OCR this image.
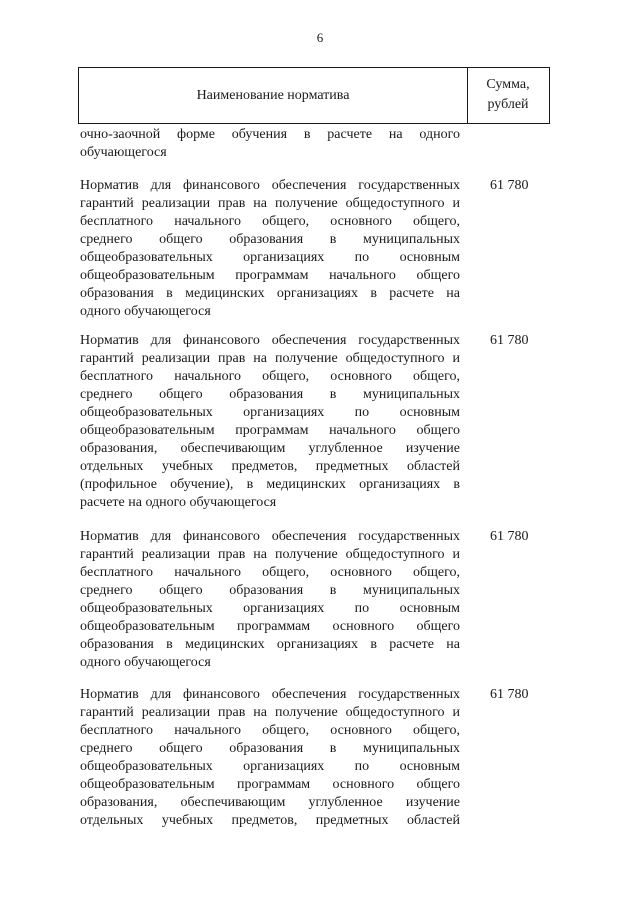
6
Наименование норматива
Сумма,
рублей
очно-заочной форме обучения в расчете на одного
обучающегося
Норматив для финансового обеспечения государственных
гарантий реализации прав на получение общедоступного и
бесплатного начального общего, основного общего,
среднего общего образования в муниципальных
общеобразовательных организациях по основным
общеобразовательным программам начального общего
образования в медицинских организациях в расчете на
одного обучающегося
61 780
Норматив для финансового обеспечения государственных
гарантий реализации прав на получение общедоступного и
бесплатного начального общего, основного общего,
среднего общего образования в муниципальных
общеобразовательных организациях по основным
общеобразовательным программам начального общего
образования, обеспечивающим углубленное изучение
отдельных учебных предметов, предметных областей
(профильное обучение), в медицинских организациях в
расчете на одного обучающегося
61 780
Норматив для финансового обеспечения государственных
гарантий реализации прав на получение общедоступного и
бесплатного начального общего, основного общего,
среднего общего образования в муниципальных
общеобразовательных организациях по основным
общеобразовательным программам основного общего
образования в медицинских организациях в расчете на
одного обучающегося
61 780
Норматив для финансового обеспечения государственных
гарантий реализации прав на получение общедоступного и
бесплатного начального общего, основного общего,
среднего общего образования в муниципальных
общеобразовательных организациях по основным
общеобразовательным программам основного общего
образования, обеспечивающим углубленное изучение
отдельных учебных предметов, предметных областей
61 780
